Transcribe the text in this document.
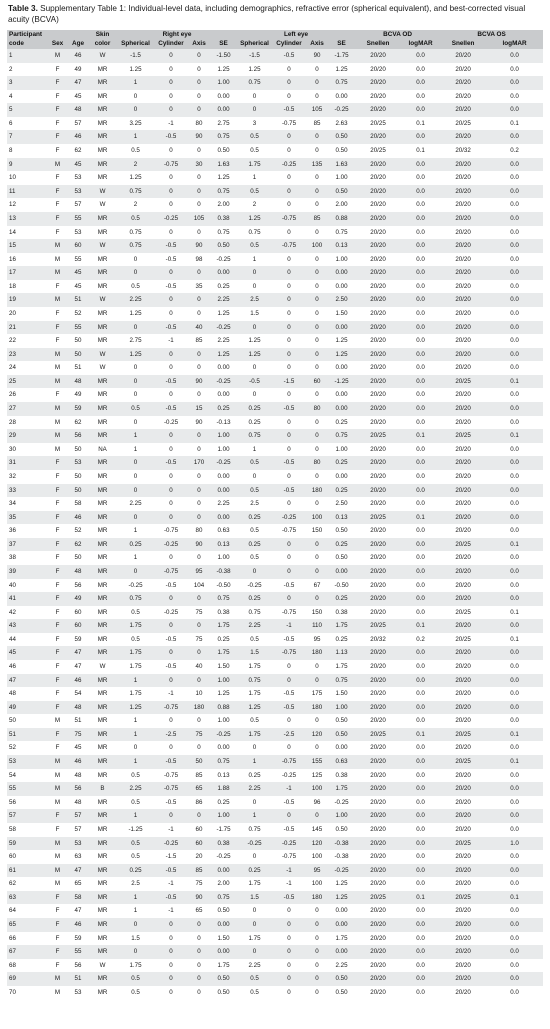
Table 3. Supplementary Table 1: Individual-level data, including demographics, refractive error (spherical equivalent), and best-corrected visual acuity (BCVA)
Participant code	Sex	Age	Skin color	Right eye				Left eye				BCVA OD		BCVA OS	
				Spherical	Cylinder	Axis	SE	Spherical	Cylinder	Axis	SE	Snellen	logMAR	Snellen	logMAR
1	M	46	W	-1.5	0	0	-1.50	-1.5	-0.5	90	-1.75	20/20	0.0	20/20	0.0
2	F	49	MR	1.25	0	0	1.25	1.25	0	0	1.25	20/20	0.0	20/20	0.0
3	F	47	MR	1	0	0	1.00	0.75	0	0	0.75	20/20	0.0	20/20	0.0
4	F	45	MR	0	0	0	0.00	0	0	0	0.00	20/20	0.0	20/20	0.0
5	F	48	MR	0	0	0	0.00	0	-0.5	105	-0.25	20/20	0.0	20/20	0.0
6	F	57	MR	3.25	-1	80	2.75	3	-0.75	85	2.63	20/25	0.1	20/25	0.1
7	F	46	MR	1	-0.5	90	0.75	0.5	0	0	0.50	20/20	0.0	20/20	0.0
8	F	62	MR	0.5	0	0	0.50	0.5	0	0	0.50	20/25	0.1	20/32	0.2
9	M	45	MR	2	-0.75	30	1.63	1.75	-0.25	135	1.63	20/20	0.0	20/20	0.0
10	F	53	MR	1.25	0	0	1.25	1	0	0	1.00	20/20	0.0	20/20	0.0
11	F	53	W	0.75	0	0	0.75	0.5	0	0	0.50	20/20	0.0	20/20	0.0
12	F	57	W	2	0	0	2.00	2	0	0	2.00	20/20	0.0	20/20	0.0
13	F	55	MR	0.5	-0.25	105	0.38	1.25	-0.75	85	0.88	20/20	0.0	20/20	0.0
14	F	53	MR	0.75	0	0	0.75	0.75	0	0	0.75	20/20	0.0	20/20	0.0
15	M	60	W	0.75	-0.5	90	0.50	0.5	-0.75	100	0.13	20/20	0.0	20/20	0.0
16	M	55	MR	0	-0.5	98	-0.25	1	0	0	1.00	20/20	0.0	20/20	0.0
17	M	45	MR	0	0	0	0.00	0	0	0	0.00	20/20	0.0	20/20	0.0
18	F	45	MR	0.5	-0.5	35	0.25	0	0	0	0.00	20/20	0.0	20/20	0.0
19	M	51	W	2.25	0	0	2.25	2.5	0	0	2.50	20/20	0.0	20/20	0.0
20	F	52	MR	1.25	0	0	1.25	1.5	0	0	1.50	20/20	0.0	20/20	0.0
21	F	55	MR	0	-0.5	40	-0.25	0	0	0	0.00	20/20	0.0	20/20	0.0
22	F	50	MR	2.75	-1	85	2.25	1.25	0	0	1.25	20/20	0.0	20/20	0.0
23	M	50	W	1.25	0	0	1.25	1.25	0	0	1.25	20/20	0.0	20/20	0.0
24	M	51	W	0	0	0	0.00	0	0	0	0.00	20/20	0.0	20/20	0.0
25	M	48	MR	0	-0.5	90	-0.25	-0.5	-1.5	60	-1.25	20/20	0.0	20/25	0.1
26	F	49	MR	0	0	0	0.00	0	0	0	0.00	20/20	0.0	20/20	0.0
27	M	59	MR	0.5	-0.5	15	0.25	0.25	-0.5	80	0.00	20/20	0.0	20/20	0.0
28	M	62	MR	0	-0.25	90	-0.13	0.25	0	0	0.25	20/20	0.0	20/20	0.0
29	M	56	MR	1	0	0	1.00	0.75	0	0	0.75	20/25	0.1	20/25	0.1
30	M	50	NA	1	0	0	1.00	1	0	0	1.00	20/20	0.0	20/20	0.0
31	F	53	MR	0	-0.5	170	-0.25	0.5	-0.5	80	0.25	20/20	0.0	20/20	0.0
32	F	50	MR	0	0	0	0.00	0	0	0	0.00	20/20	0.0	20/20	0.0
33	F	50	MR	0	0	0	0.00	0.5	-0.5	180	0.25	20/20	0.0	20/20	0.0
34	F	58	MR	2.25	0	0	2.25	2.5	0	0	2.50	20/20	0.0	20/20	0.0
35	F	46	MR	0	0	0	0.00	0.25	-0.25	100	0.13	20/25	0.1	20/20	0.0
36	F	52	MR	1	-0.75	80	0.63	0.5	-0.75	150	0.50	20/20	0.0	20/20	0.0
37	F	62	MR	0.25	-0.25	90	0.13	0.25	0	0	0.25	20/20	0.0	20/25	0.1
38	F	50	MR	1	0	0	1.00	0.5	0	0	0.50	20/20	0.0	20/20	0.0
39	F	48	MR	0	-0.75	95	-0.38	0	0	0	0.00	20/20	0.0	20/20	0.0
40	F	56	MR	-0.25	-0.5	104	-0.50	-0.25	-0.5	67	-0.50	20/20	0.0	20/20	0.0
41	F	49	MR	0.75	0	0	0.75	0.25	0	0	0.25	20/20	0.0	20/20	0.0
42	F	60	MR	0.5	-0.25	75	0.38	0.75	-0.75	150	0.38	20/20	0.0	20/25	0.1
43	F	60	MR	1.75	0	0	1.75	2.25	-1	110	1.75	20/25	0.1	20/20	0.0
44	F	59	MR	0.5	-0.5	75	0.25	0.5	-0.5	95	0.25	20/32	0.2	20/25	0.1
45	F	47	MR	1.75	0	0	1.75	1.5	-0.75	180	1.13	20/20	0.0	20/20	0.0
46	F	47	W	1.75	-0.5	40	1.50	1.75	0	0	1.75	20/20	0.0	20/20	0.0
47	F	46	MR	1	0	0	1.00	0.75	0	0	0.75	20/20	0.0	20/20	0.0
48	F	54	MR	1.75	-1	10	1.25	1.75	-0.5	175	1.50	20/20	0.0	20/20	0.0
49	F	48	MR	1.25	-0.75	180	0.88	1.25	-0.5	180	1.00	20/20	0.0	20/20	0.0
50	M	51	MR	1	0	0	1.00	0.5	0	0	0.50	20/20	0.0	20/20	0.0
51	F	75	MR	1	-2.5	75	-0.25	1.75	-2.5	120	0.50	20/25	0.1	20/25	0.1
52	F	45	MR	0	0	0	0.00	0	0	0	0.00	20/20	0.0	20/20	0.0
53	M	46	MR	1	-0.5	50	0.75	1	-0.75	155	0.63	20/20	0.0	20/25	0.1
54	M	48	MR	0.5	-0.75	85	0.13	0.25	-0.25	125	0.38	20/20	0.0	20/20	0.0
55	M	56	B	2.25	-0.75	65	1.88	2.25	-1	100	1.75	20/20	0.0	20/20	0.0
56	M	48	MR	0.5	-0.5	86	0.25	0	-0.5	96	-0.25	20/20	0.0	20/20	0.0
57	F	57	MR	1	0	0	1.00	1	0	0	1.00	20/20	0.0	20/20	0.0
58	F	57	MR	-1.25	-1	60	-1.75	0.75	-0.5	145	0.50	20/20	0.0	20/20	0.0
59	M	53	MR	0.5	-0.25	60	0.38	-0.25	-0.25	120	-0.38	20/20	0.0	20/25	1.0
60	M	63	MR	0.5	-1.5	20	-0.25	0	-0.75	100	-0.38	20/20	0.0	20/20	0.0
61	M	47	MR	0.25	-0.5	85	0.00	0.25	-1	95	-0.25	20/20	0.0	20/20	0.0
62	M	65	MR	2.5	-1	75	2.00	1.75	-1	100	1.25	20/20	0.0	20/20	0.0
63	F	58	MR	1	-0.5	90	0.75	1.5	-0.5	180	1.25	20/25	0.1	20/25	0.1
64	F	47	MR	1	-1	65	0.50	0	0	0	0.00	20/20	0.0	20/20	0.0
65	F	46	MR	0	0	0	0.00	0	0	0	0.00	20/20	0.0	20/20	0.0
66	F	59	MR	1.5	0	0	1.50	1.75	0	0	1.75	20/20	0.0	20/20	0.0
67	F	55	MR	0	0	0	0.00	0	0	0	0.00	20/20	0.0	20/20	0.0
68	F	56	W	1.75	0	0	1.75	2.25	0	0	2.25	20/20	0.0	20/20	0.0
69	M	51	MR	0.5	0	0	0.50	0.5	0	0	0.50	20/20	0.0	20/20	0.0
70	M	53	MR	0.5	0	0	0.50	0.5	0	0	0.50	20/20	0.0	20/20	0.0
